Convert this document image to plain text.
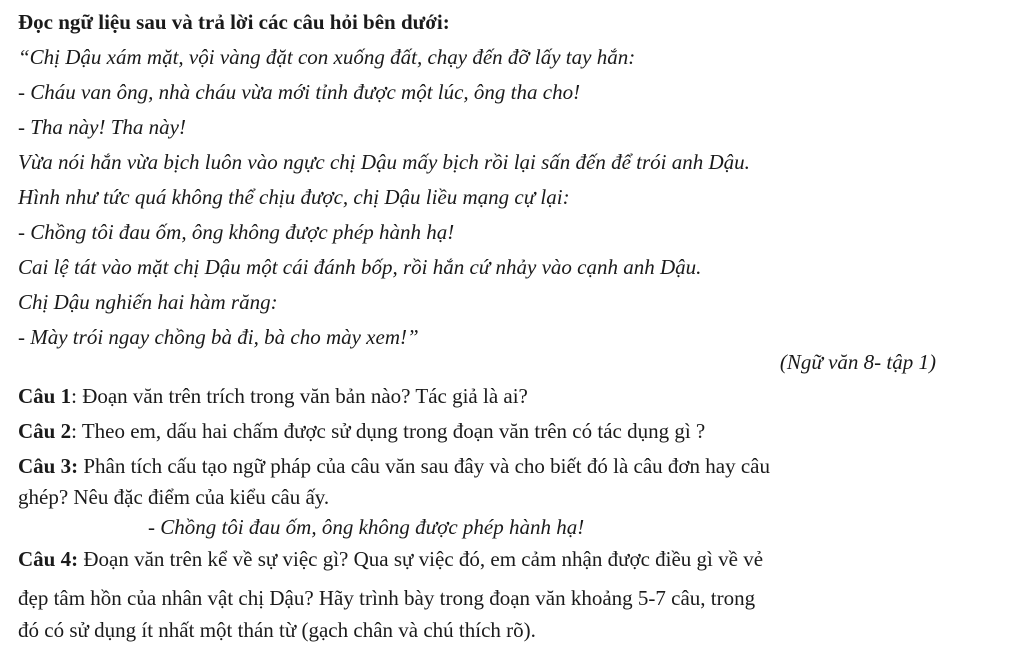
Đọc ngữ liệu sau và trả lời các câu hỏi bên dưới:
“Chị Dậu xám mặt, vội vàng đặt con xuống đất, chạy đến đỡ lấy tay hắn:
- Cháu van ông, nhà cháu vừa mới tỉnh được một lúc, ông tha cho!
- Tha này! Tha này!
Vừa nói hắn vừa bịch luôn vào ngực chị Dậu mấy bịch rồi lại sấn đến để trói anh Dậu.
Hình như tức quá không thể chịu được, chị Dậu liều mạng cự lại:
- Chồng tôi đau ốm, ông không được phép hành hạ!
Cai lệ tát vào mặt chị Dậu một cái đánh bốp, rồi hắn cứ nhảy vào cạnh anh Dậu.
Chị Dậu nghiến hai hàm răng:
- Mày trói ngay chồng bà đi, bà cho mày xem!”
(Ngữ văn 8- tập 1)
Câu 1: Đoạn văn trên trích trong văn bản nào? Tác giả là ai?
Câu 2: Theo em, dấu hai chấm được sử dụng trong đoạn văn trên có tác dụng gì ?
Câu 3: Phân tích cấu tạo ngữ pháp của câu văn sau đây và cho biết đó là câu đơn hay câu
ghép? Nêu đặc điểm của kiểu câu ấy.
- Chồng tôi đau ốm, ông không được phép hành hạ!
Câu 4: Đoạn văn trên kể về sự việc gì? Qua sự việc đó, em cảm nhận được điều gì về vẻ
đẹp tâm hồn của nhân vật chị Dậu? Hãy trình bày trong đoạn văn khoảng 5-7 câu, trong
đó có sử dụng ít nhất một thán từ (gạch chân và chú thích rõ).
